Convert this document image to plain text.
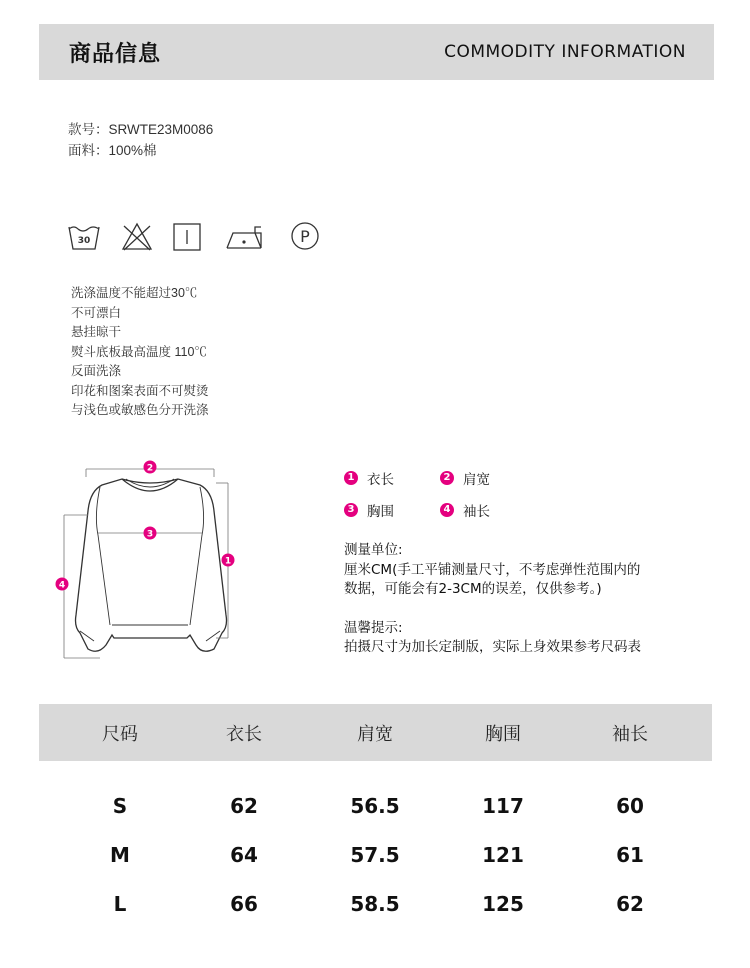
商品信息	COMMODITY INFORMATION
款号：SRWTE23M0086
面料：100%棉
30	P
洗涤温度不能超过30℃
不可漂白
悬挂晾干
熨斗底板最高温度 110℃
反面洗涤
印花和图案表面不可熨烫
与浅色或敏感色分开洗涤
2
3
1
4
1 衣长	2 肩宽
3 胸围	4 袖长
测量单位:
厘米CM(手工平铺测量尺寸，不考虑弹性范围内的
数据，可能会有2-3CM的误差，仅供参考。)
温馨提示:
拍摄尺寸为加长定制版，实际上身效果参考尺码表
尺码	衣长	肩宽	胸围	袖长
S	62	56.5	117	60
M	64	57.5	121	61
L	66	58.5	125	62
